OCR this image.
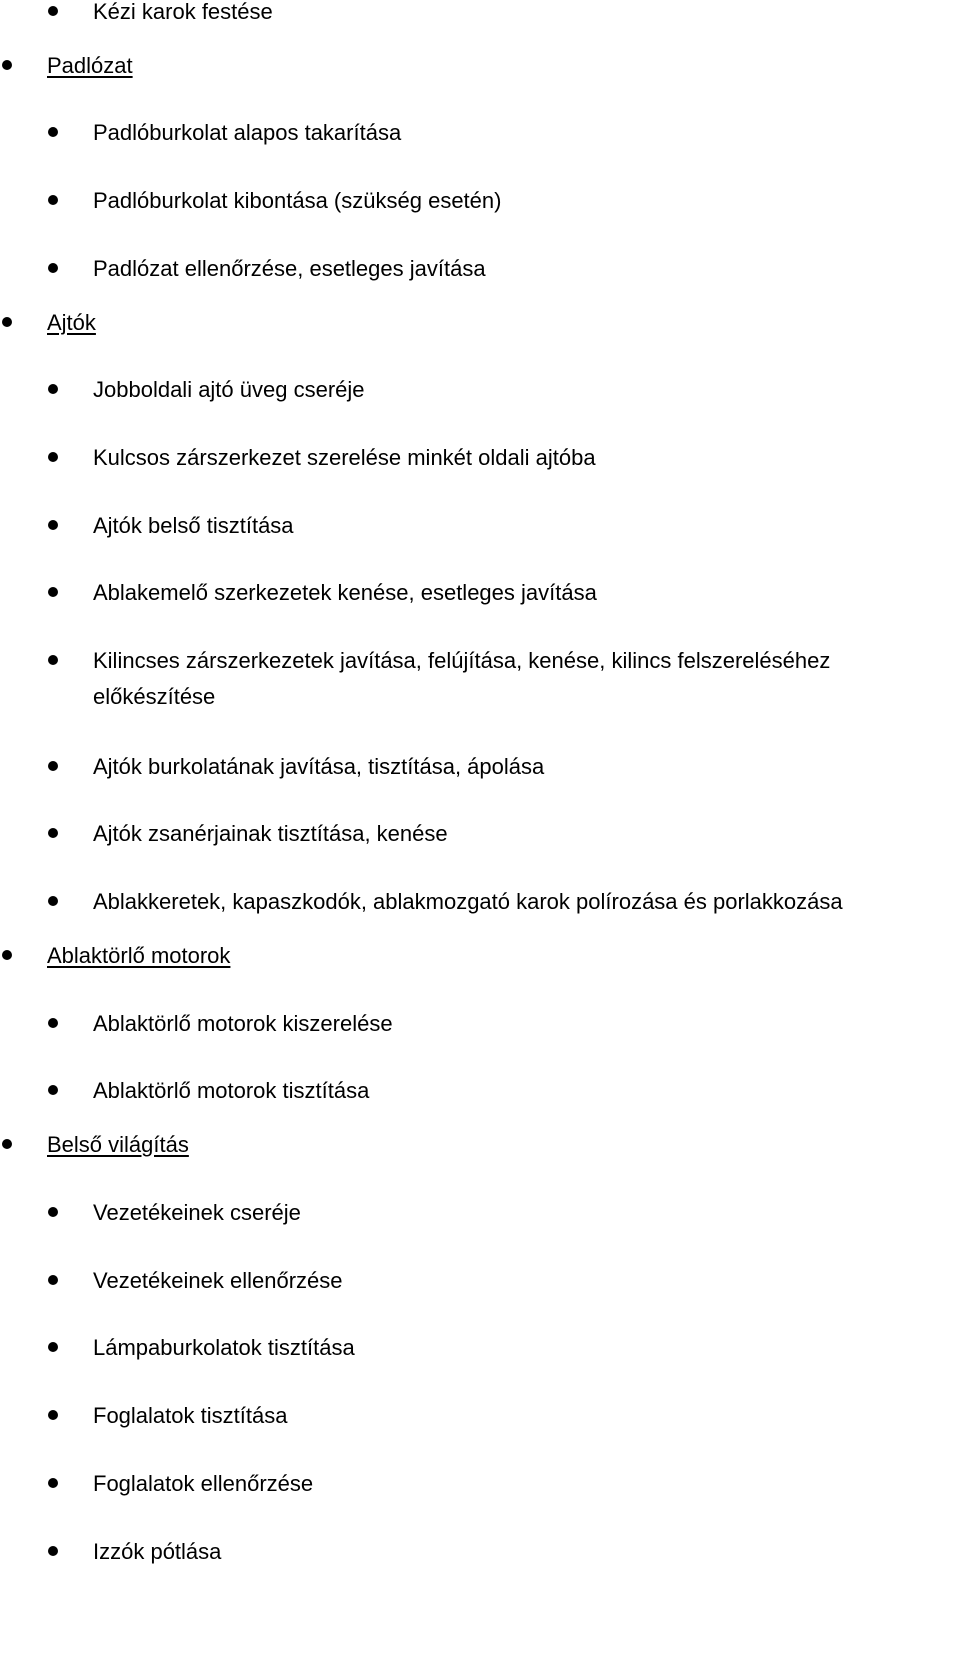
Kézi karok festése
Padlózat
Padlóburkolat alapos takarítása
Padlóburkolat kibontása (szükség esetén)
Padlózat ellenőrzése, esetleges javítása
Ajtók
Jobboldali ajtó üveg cseréje
Kulcsos zárszerkezet szerelése minkét oldali ajtóba
Ajtók belső tisztítása
Ablakemelő szerkezetek kenése, esetleges javítása
Kilincses zárszerkezetek javítása, felújítása, kenése, kilincs felszereléséhez előkészítése
Ajtók burkolatának javítása, tisztítása, ápolása
Ajtók zsanérjainak tisztítása, kenése
Ablakkeretek, kapaszkodók, ablakmozgató karok polírozása és porlakkozása
Ablaktörlő motorok
Ablaktörlő motorok kiszerelése
Ablaktörlő motorok tisztítása
Belső világítás
Vezetékeinek cseréje
Vezetékeinek ellenőrzése
Lámpaburkolatok tisztítása
Foglalatok tisztítása
Foglalatok ellenőrzése
Izzók pótlása
